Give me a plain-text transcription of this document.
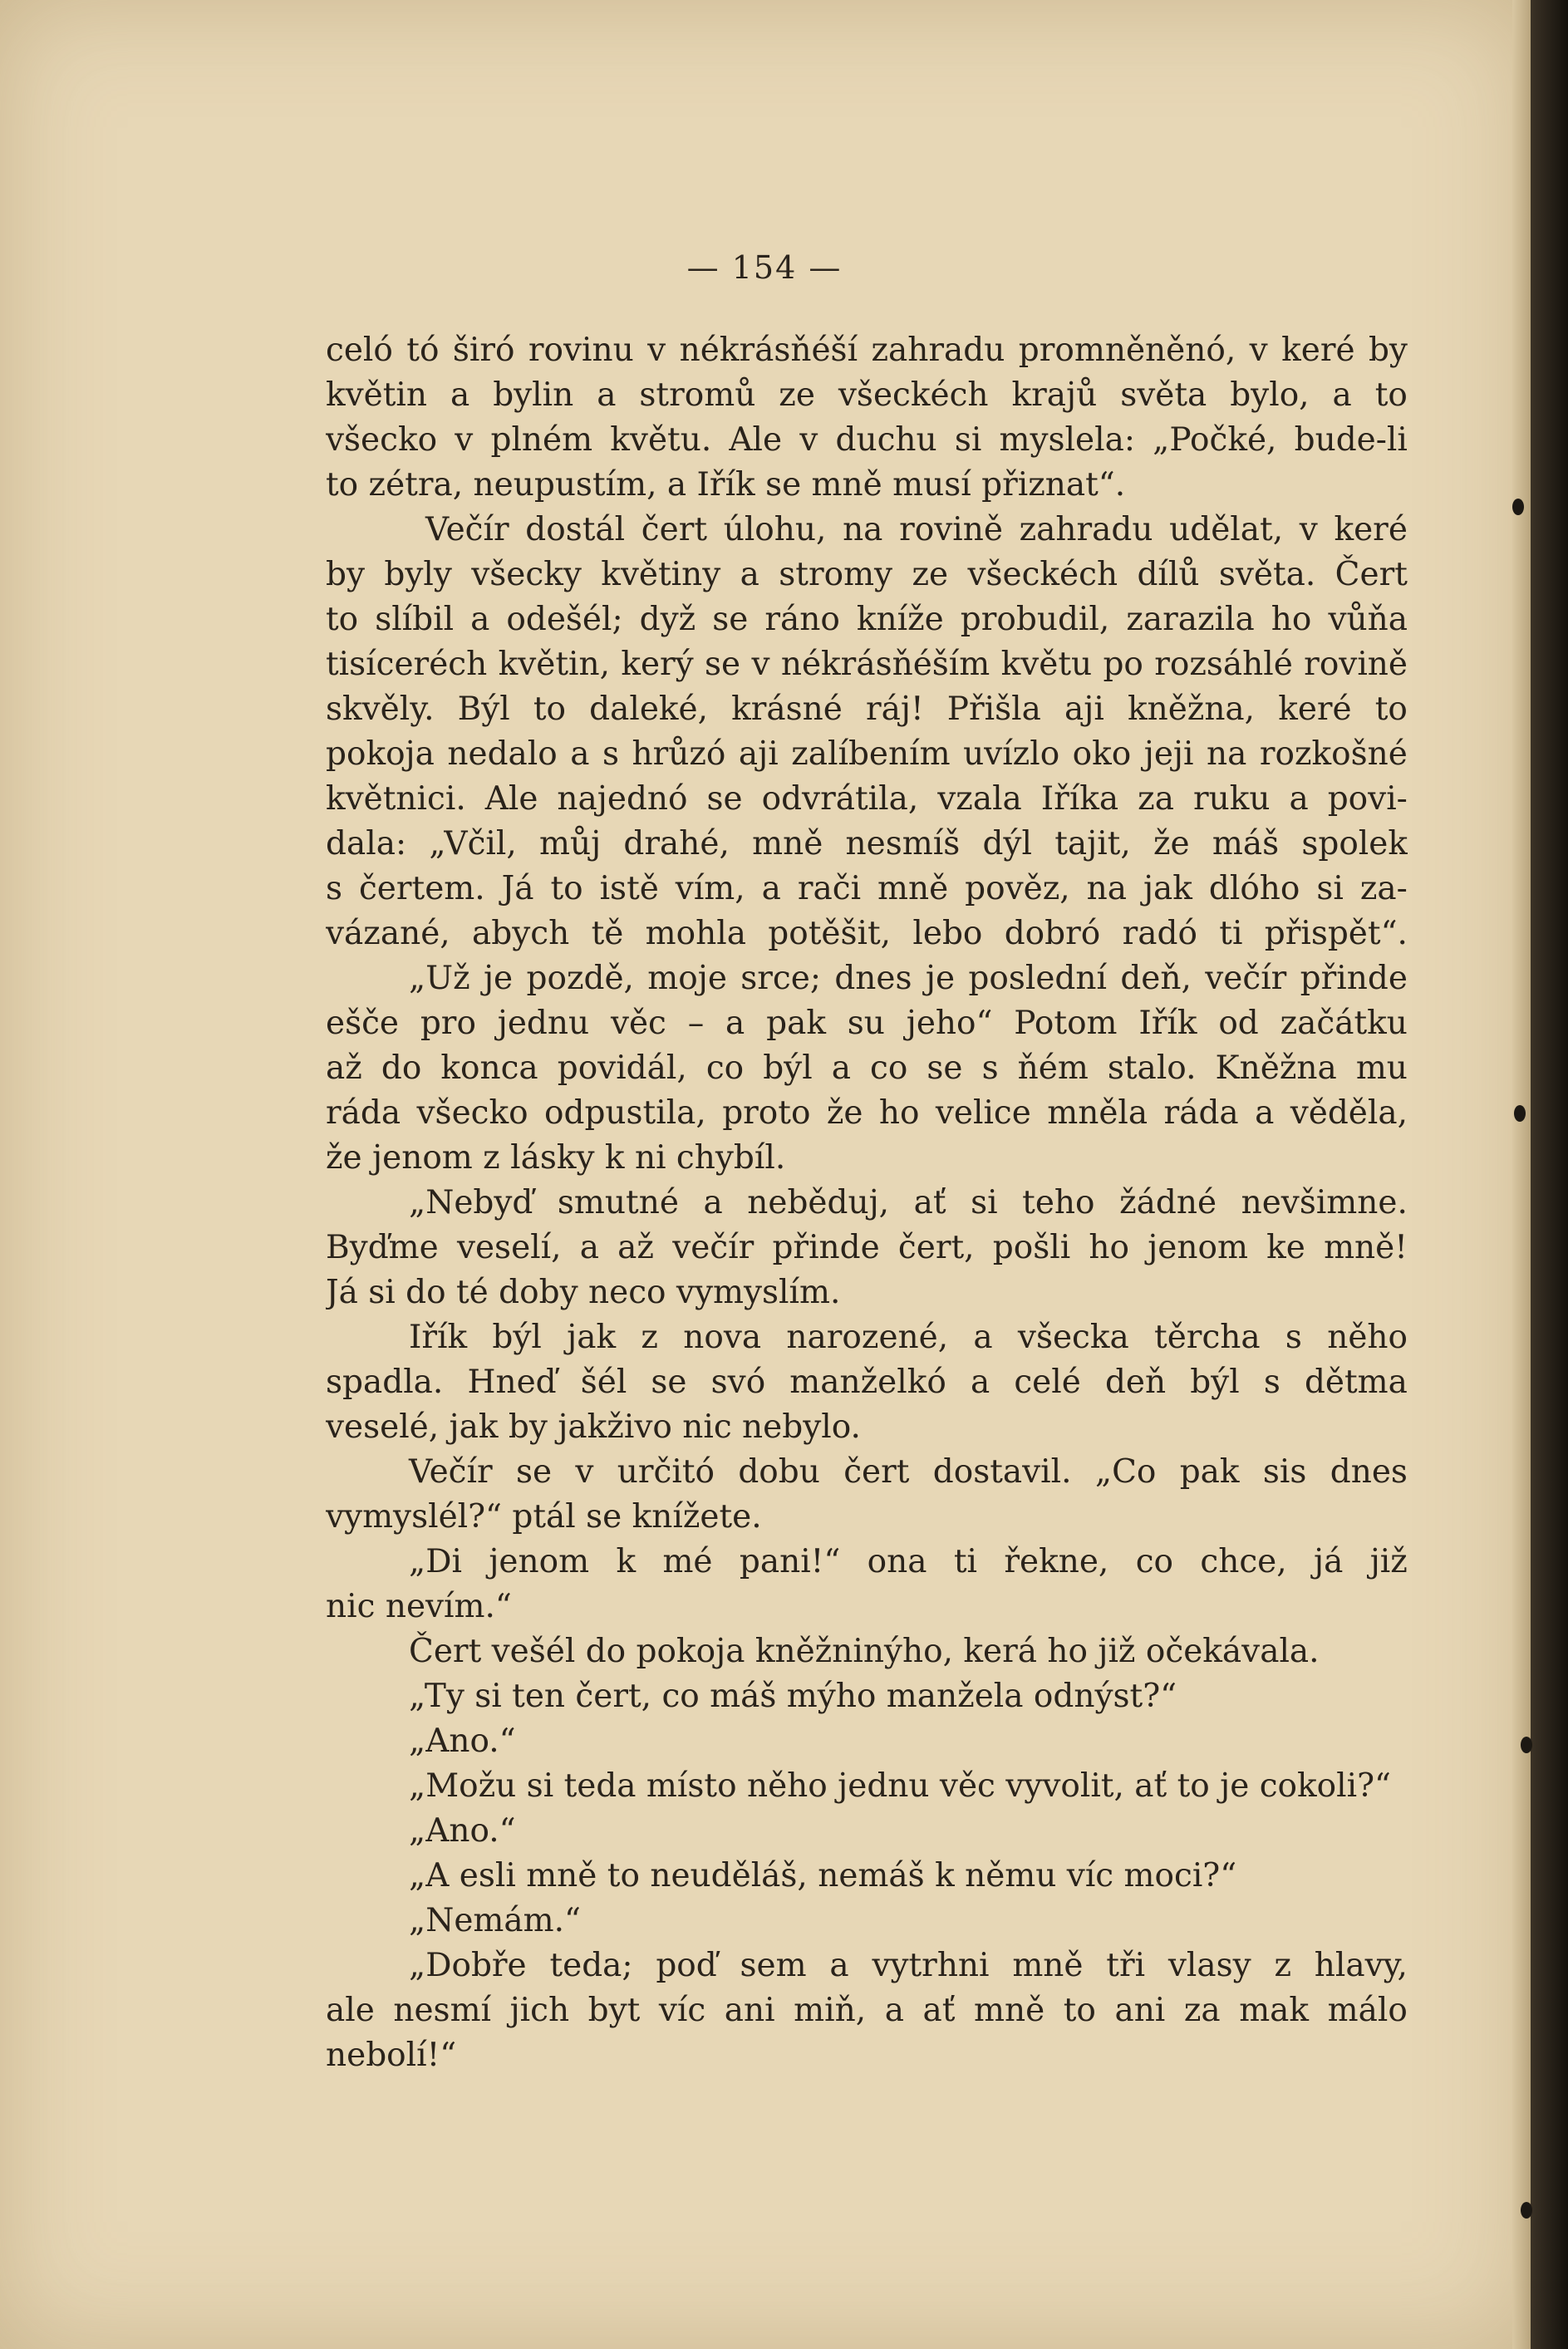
— 154 —
celó tó širó rovinu v nékrásňéší zahradu promněněnó, v keré by
květin a bylin a stromů ze všeckéch krajů světa bylo, a to
všecko v plném květu. Ale v duchu si myslela: „Počké, bude-li
to zétra, neupustím, a Iřík se mně musí přiznat“.
Večír dostál čert úlohu, na rovině zahradu udělat, v keré
by byly všecky květiny a stromy ze všeckéch dílů světa. Čert
to slíbil a odešél; dyž se ráno kníže probudil, zarazila ho vůňa
tisíceréch květin, kerý se v nékrásňéším květu po rozsáhlé rovině
skvěly. Býl to daleké, krásné ráj! Přišla aji kněžna, keré to
pokoja nedalo a s hrůzó aji zalíbením uvízlo oko jeji na rozkošné
květnici. Ale najednó se odvrátila, vzala Iříka za ruku a povi-
dala: „Včil, můj drahé, mně nesmíš dýl tajit, že máš spolek
s čertem. Já to istě vím, a rači mně pověz, na jak dlóho si za-
vázané, abych tě mohla potěšit, lebo dobró radó ti přispět“.
„Už je pozdě, moje srce; dnes je poslední deň, večír přinde
ešče pro jednu věc – a pak su jeho“ Potom Iřík od začátku
až do konca povidál, co býl a co se s ňém stalo. Kněžna mu
ráda všecko odpustila, proto že ho velice mněla ráda a věděla,
že jenom z lásky k ni chybíl.
„Nebyď smutné a neběduj, ať si teho žádné nevšimne.
Byďme veselí, a až večír přinde čert, pošli ho jenom ke mně!
Já si do té doby neco vymyslím.
Iřík býl jak z nova narozené, a všecka těrcha s něho
spadla. Hneď šél se svó manželkó a celé deň býl s dětma
veselé, jak by jakživo nic nebylo.
Večír se v určitó dobu čert dostavil. „Co pak sis dnes
vymyslél?“ ptál se knížete.
„Di jenom k mé pani!“ ona ti řekne, co chce, já již
nic nevím.“
Čert vešél do pokoja kněžninýho, kerá ho již očekávala.
„Ty si ten čert, co máš mýho manžela odnýst?“
„Ano.“
„Možu si teda místo něho jednu věc vyvolit, ať to je cokoli?“
„Ano.“
„A esli mně to neuděláš, nemáš k němu víc moci?“
„Nemám.“
„Dobře teda; poď sem a vytrhni mně tři vlasy z hlavy,
ale nesmí jich byt víc ani miň, a ať mně to ani za mak málo
nebolí!“
